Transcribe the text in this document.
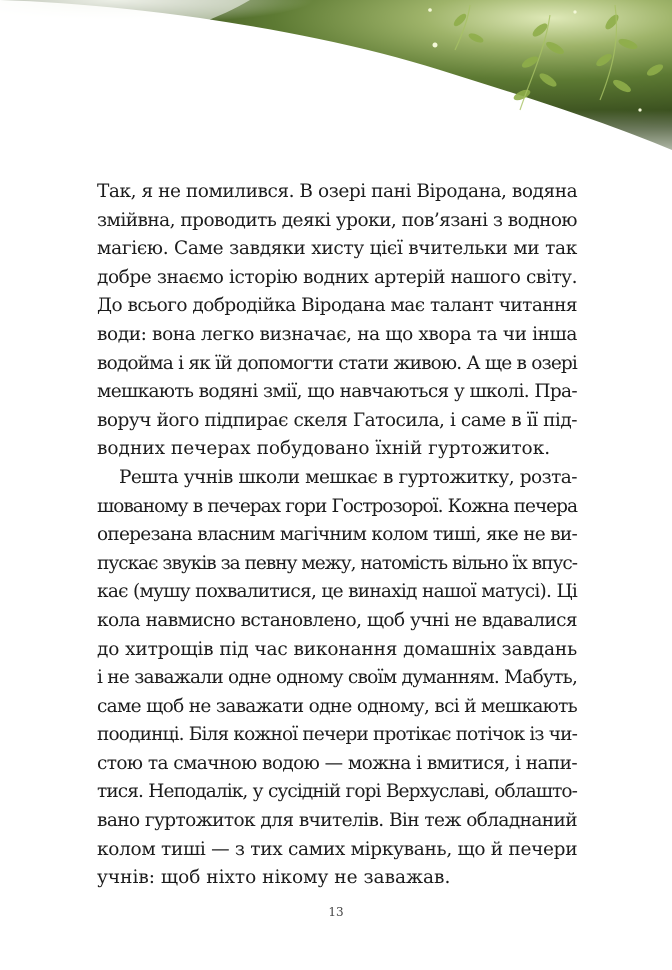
Так, я не помилився. В озері пані Віродана, водяна
змійвна, проводить деякі уроки, пов’язані з водною
магією. Саме завдяки хисту цієї вчительки ми так
добре знаємо історію водних артерій нашого світу.
До всього добродійка Віродана має талант читання
води: вона легко визначає, на що хвора та чи інша
водойма і як їй допомогти стати живою. А ще в озері
мешкають водяні змії, що навчаються у школі. Пра-
воруч його підпирає скеля Гатосила, і саме в її під-
водних печерах побудовано їхній гуртожиток.
Решта учнів школи мешкає в гуртожитку, розта-
шованому в печерах гори Гострозорої. Кожна печера
оперезана власним магічним колом тиші, яке не ви-
пускає звуків за певну межу, натомість вільно їх впус-
кає (мушу похвалитися, це винахід нашої матусі). Ці
кола навмисно встановлено, щоб учні не вдавалися
до хитрощів під час виконання домашніх завдань
і не заважали одне одному своїм думанням. Мабуть,
саме щоб не заважати одне одному, всі й мешкають
поодинці. Біля кожної печери протікає потічок із чи-
стою та смачною водою — можна і вмитися, і напи-
тися. Неподалік, у сусідній горі Верхуславі, облашто-
вано гуртожиток для вчителів. Він теж обладнаний
колом тиші — з тих самих міркувань, що й печери
учнів: щоб ніхто нікому не заважав.
13
